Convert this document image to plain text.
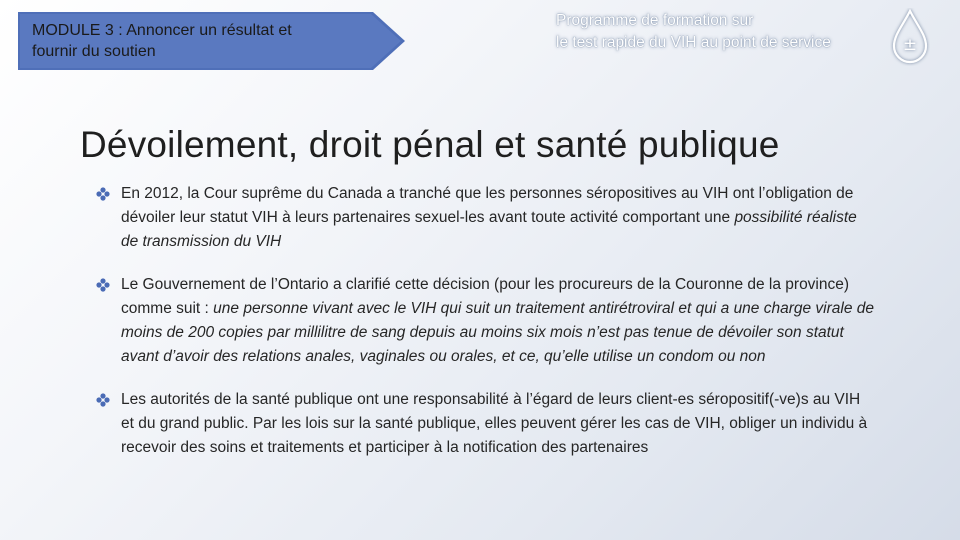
MODULE 3 : Annoncer un résultat et
fournir du soutien
Programme de formation sur
le test rapide du VIH au point de service	±
Dévoilement, droit pénal et santé publique
En 2012, la Cour suprême du Canada a tranché que les personnes séropositives au VIH ont l’obligation de dévoiler leur statut VIH à leurs partenaires sexuel-les avant toute activité comportant une possibilité réaliste de transmission du VIH
Le Gouvernement de l’Ontario a clarifié cette décision (pour les procureurs de la Couronne de la province) comme suit : une personne vivant avec le VIH qui suit un traitement antirétroviral et qui a une charge virale de moins de 200 copies par millilitre de sang depuis au moins six mois n’est pas tenue de dévoiler son statut avant d’avoir des relations anales, vaginales ou orales, et ce, qu’elle utilise un condom ou non
Les autorités de la santé publique ont une responsabilité à l’égard de leurs client-es séropositif(-ve)s au VIH et du grand public. Par les lois sur la santé publique, elles peuvent gérer les cas de VIH, obliger un individu à recevoir des soins et traitements et participer à la notification des partenaires
